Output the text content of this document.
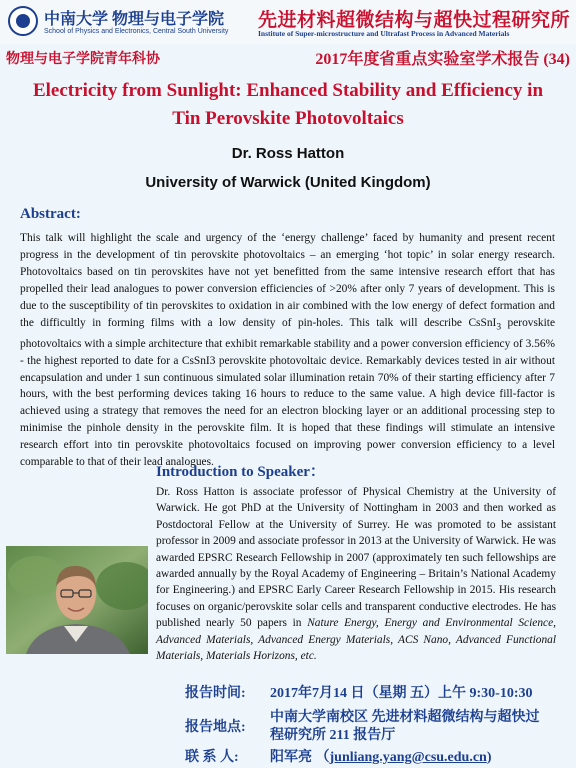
中南大学 物理与电子学院
School of Physics and Electronics, Central South University
先进材料超微结构与超快过程研究所
Institute of Super-microstructure and Ultrafast Process in Advanced Materials
物理与电子学院青年科协	2017年度省重点实验室学术报告 (34)
Electricity from Sunlight: Enhanced Stability and Efficiency in
Tin Perovskite Photovoltaics
Dr. Ross Hatton
University of Warwick (United Kingdom)
Abstract:

This talk will highlight the scale and urgency of the ‘energy challenge’ faced by humanity and present recent progress in the development of tin perovskite photovoltaics – an emerging ‘hot topic’ in solar energy research. Photovoltaics based on tin perovskites have not yet benefitted from the same intensive research effort that has propelled their lead analogues to power conversion efficiencies of >20% after only 7 years of development. This is due to the susceptibility of tin perovskites to oxidation in air combined with the low energy of defect formation and the difficultly in forming films with a low density of pin-holes. This talk will describe CsSnI$_3$ perovskite photovoltaics with a simple architecture that exhibit remarkable stability and a power conversion efficiency of 3.56% - the highest reported to date for a CsSnI3 perovskite photovoltaic device. Remarkably devices tested in air without encapsulation and under 1 sun continuous simulated solar illumination retain 70% of their starting efficiency after 7 hours, with the best performing devices taking 16 hours to reduce to the same value. A high device fill-factor is achieved using a strategy that removes the need for an electron blocking layer or an additional processing step to minimise the pinhole density in the perovskite film. It is hoped that these findings will stimulate an intensive research effort into tin perovskite photovoltaics focused on improving power conversion efficiency to a level comparable to that of their lead analogues.

Introduction to Speaker：

Dr. Ross Hatton is associate professor of Physical Chemistry at the University of Warwick. He got PhD at the University of Nottingham in 2003 and then worked as Postdoctoral Fellow at the University of Surrey. He was promoted to be assistant professor in 2009 and associate professor in 2013 at the University of Warwick. He was awarded EPSRC Research Fellowship in 2007 (approximately ten such fellowships are awarded annually by the Royal Academy of Engineering – Britain’s National Academy for Engineering.) and EPSRC Early Career Research Fellowship in 2015. His research focuses on organic/perovskite solar cells and transparent conductive electrodes. He has published nearly 50 papers in Nature Energy, Energy and Environmental Science, Advanced Materials, Advanced Energy Materials, ACS Nano, Advanced Functional Materials, Materials Horizons, etc.

报告时间: 2017年7月14 日（星期 五）上午 9:30-10:30
报告地点:
中南大学南校区 先进材料超微结构与超快过
程研究所 211 报告厅
联 系 人: 阳军亮 （junliang.yang@csu.edu.cn)
